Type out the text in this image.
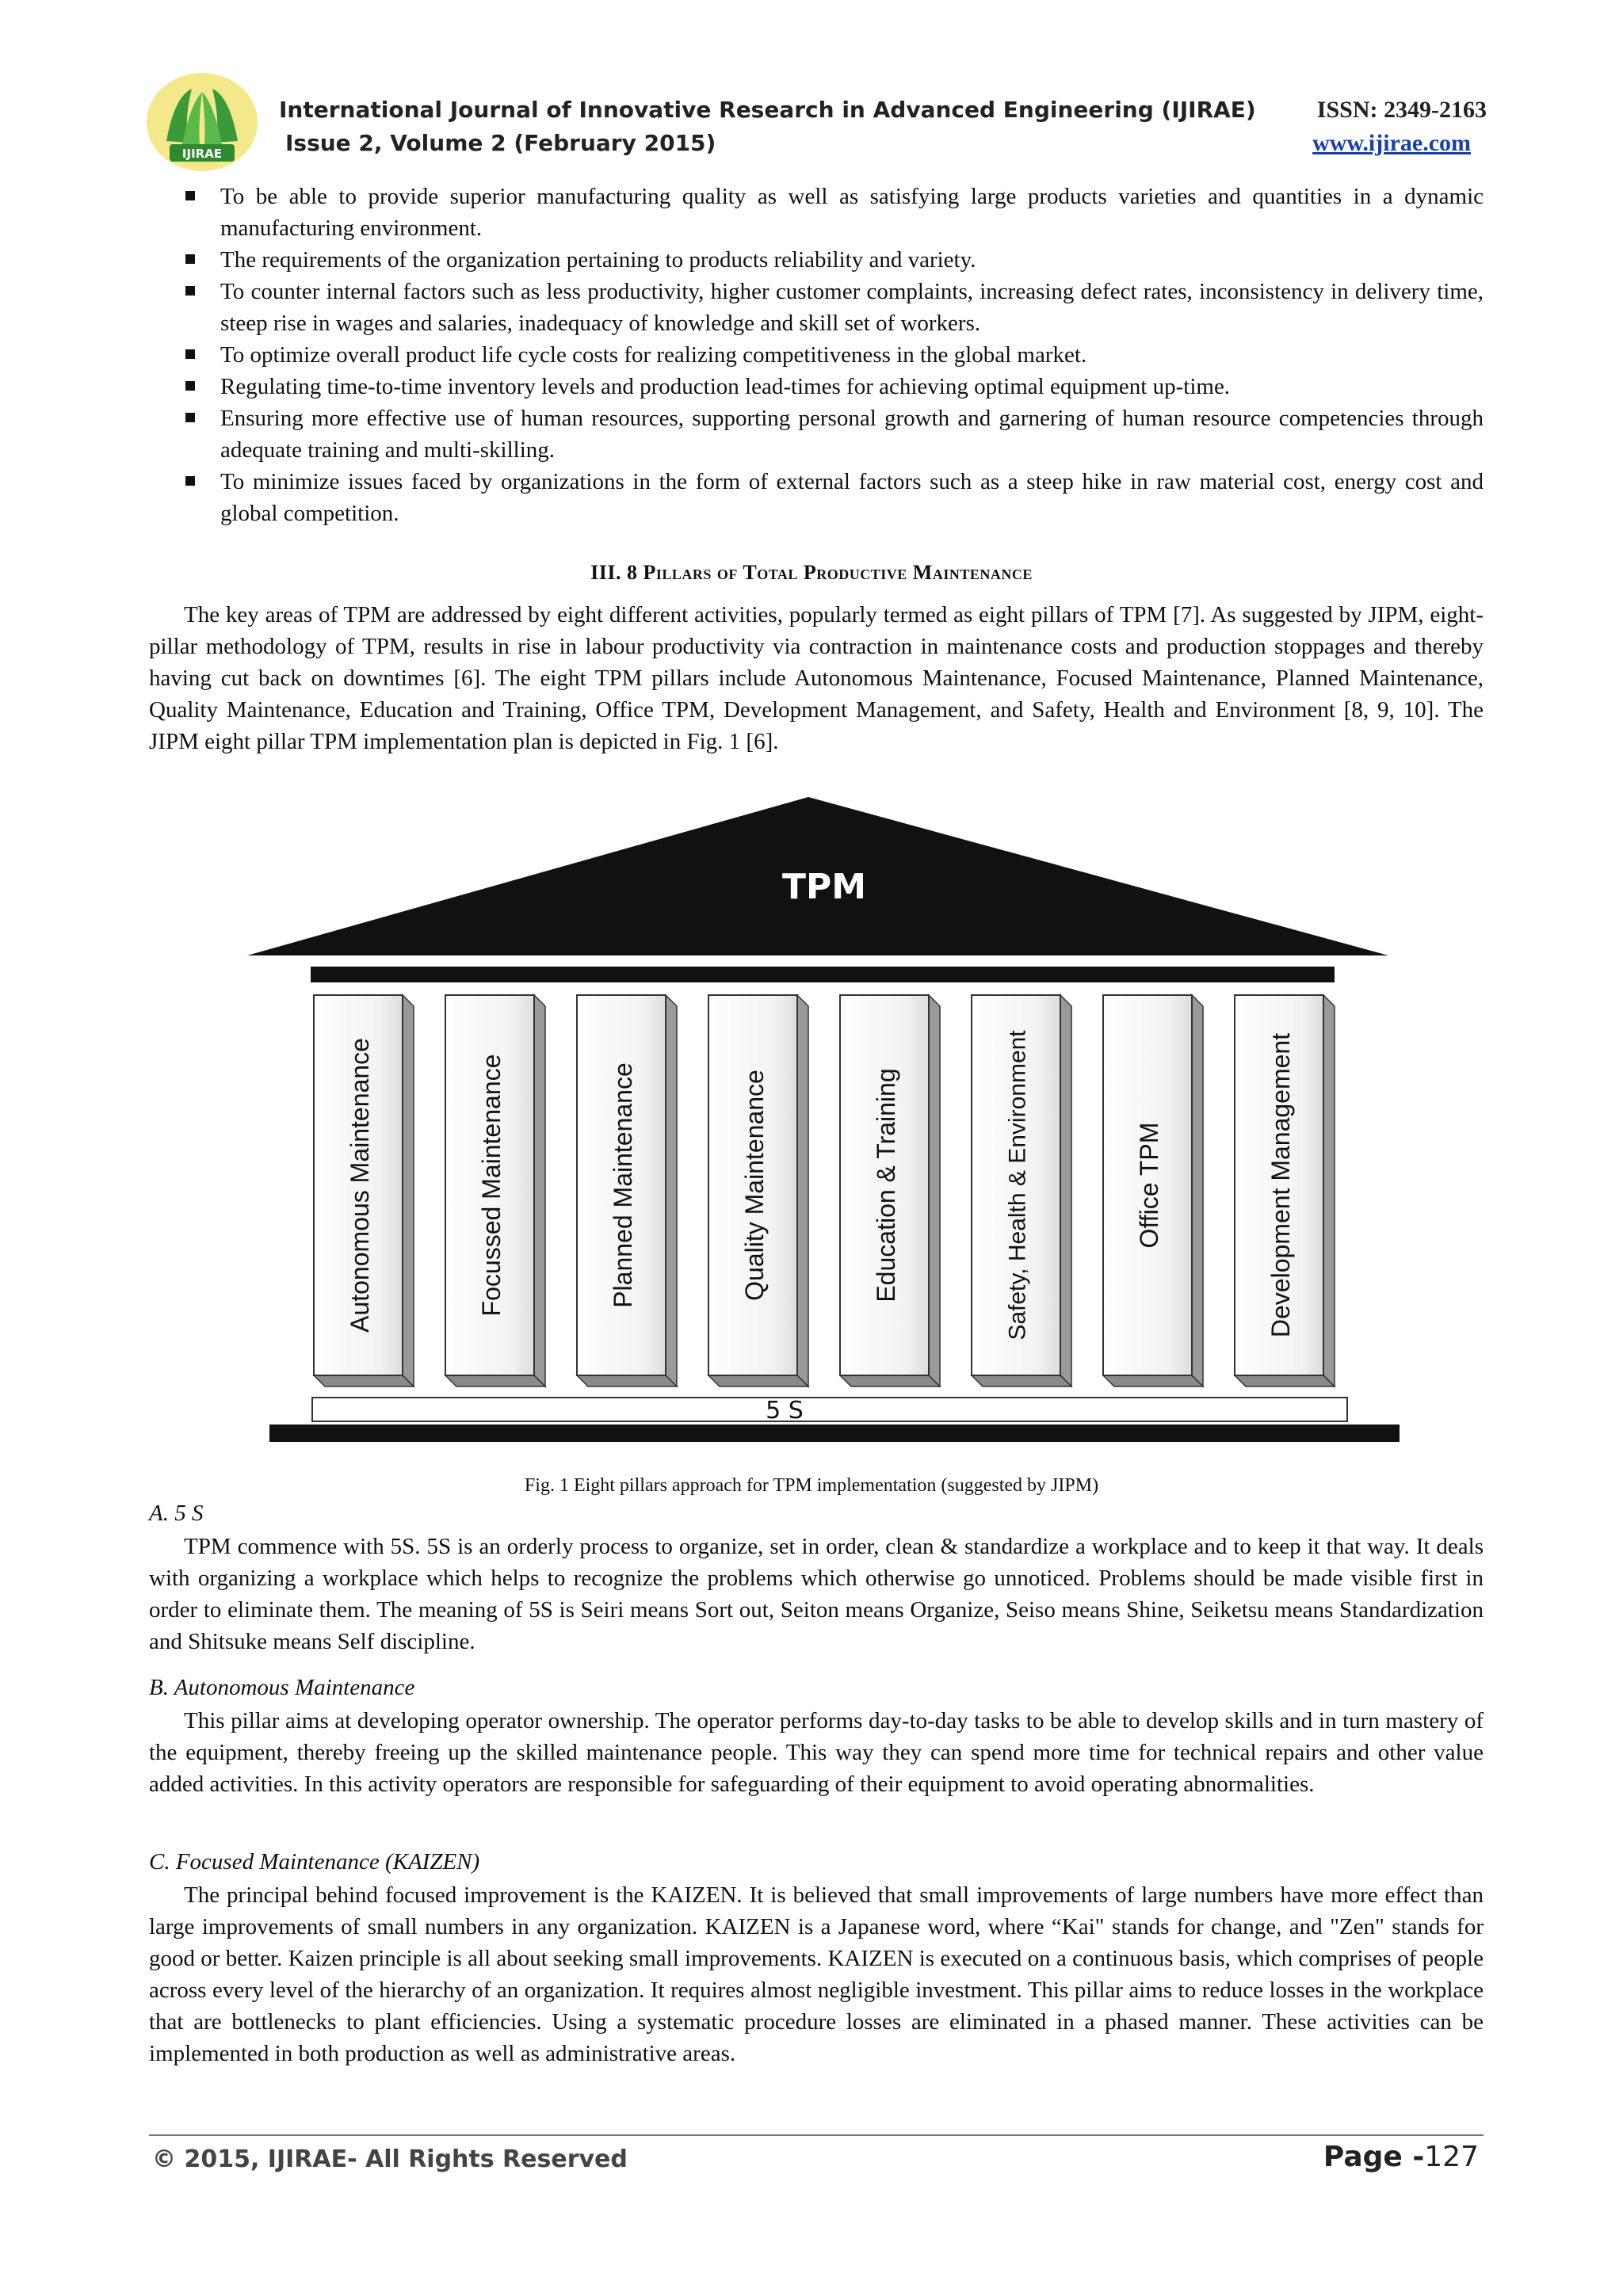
IJIRAE
International Journal of Innovative Research in Advanced Engineering (IJIRAE)
Issue 2, Volume 2 (February 2015)
ISSN: 2349-2163
www.ijirae.com
To be able to provide superior manufacturing quality as well as satisfying large products varieties and quantities in a dynamic manufacturing environment.
The requirements of the organization pertaining to products reliability and variety.
To counter internal factors such as less productivity, higher customer complaints, increasing defect rates, inconsistency in delivery time, steep rise in wages and salaries, inadequacy of knowledge and skill set of workers.
To optimize overall product life cycle costs for realizing competitiveness in the global market.
Regulating time-to-time inventory levels and production lead-times for achieving optimal equipment up-time.
Ensuring more effective use of human resources, supporting personal growth and garnering of human resource competencies through adequate training and multi-skilling.
To minimize issues faced by organizations in the form of external factors such as a steep hike in raw material cost, energy cost and global competition.
III. 8 Pillars of Total Productive Maintenance
The key areas of TPM are addressed by eight different activities, popularly termed as eight pillars of TPM [7]. As suggested by JIPM, eight-pillar methodology of TPM, results in rise in labour productivity via contraction in maintenance costs and production stoppages and thereby having cut back on downtimes [6]. The eight TPM pillars include Autonomous Maintenance, Focused Maintenance, Planned Maintenance, Quality Maintenance, Education and Training, Office TPM, Development Management, and Safety, Health and Environment [8, 9, 10]. The JIPM eight pillar TPM implementation plan is depicted in Fig. 1 [6].
TPM
Autonomous Maintenance	Focussed Maintenance	Planned Maintenance	Quality Maintenance	Education & Training	Safety, Health & Environment	Office TPM	Development Management
5 S
Fig. 1 Eight pillars approach for TPM implementation (suggested by JIPM)
A. 5 S
TPM commence with 5S. 5S is an orderly process to organize, set in order, clean & standardize a workplace and to keep it that way. It deals with organizing a workplace which helps to recognize the problems which otherwise go unnoticed. Problems should be made visible first in order to eliminate them. The meaning of 5S is Seiri means Sort out, Seiton means Organize, Seiso means Shine, Seiketsu means Standardization and Shitsuke means Self discipline.
B. Autonomous Maintenance
This pillar aims at developing operator ownership. The operator performs day-to-day tasks to be able to develop skills and in turn mastery of the equipment, thereby freeing up the skilled maintenance people. This way they can spend more time for technical repairs and other value added activities. In this activity operators are responsible for safeguarding of their equipment to avoid operating abnormalities.
C. Focused Maintenance (KAIZEN)
The principal behind focused improvement is the KAIZEN. It is believed that small improvements of large numbers have more effect than large improvements of small numbers in any organization. KAIZEN is a Japanese word, where “Kai" stands for change, and "Zen" stands for good or better. Kaizen principle is all about seeking small improvements. KAIZEN is executed on a continuous basis, which comprises of people across every level of the hierarchy of an organization. It requires almost negligible investment. This pillar aims to reduce losses in the workplace that are bottlenecks to plant efficiencies. Using a systematic procedure losses are eliminated in a phased manner. These activities can be implemented in both production as well as administrative areas.
© 2015, IJIRAE- All Rights Reserved	Page -127
